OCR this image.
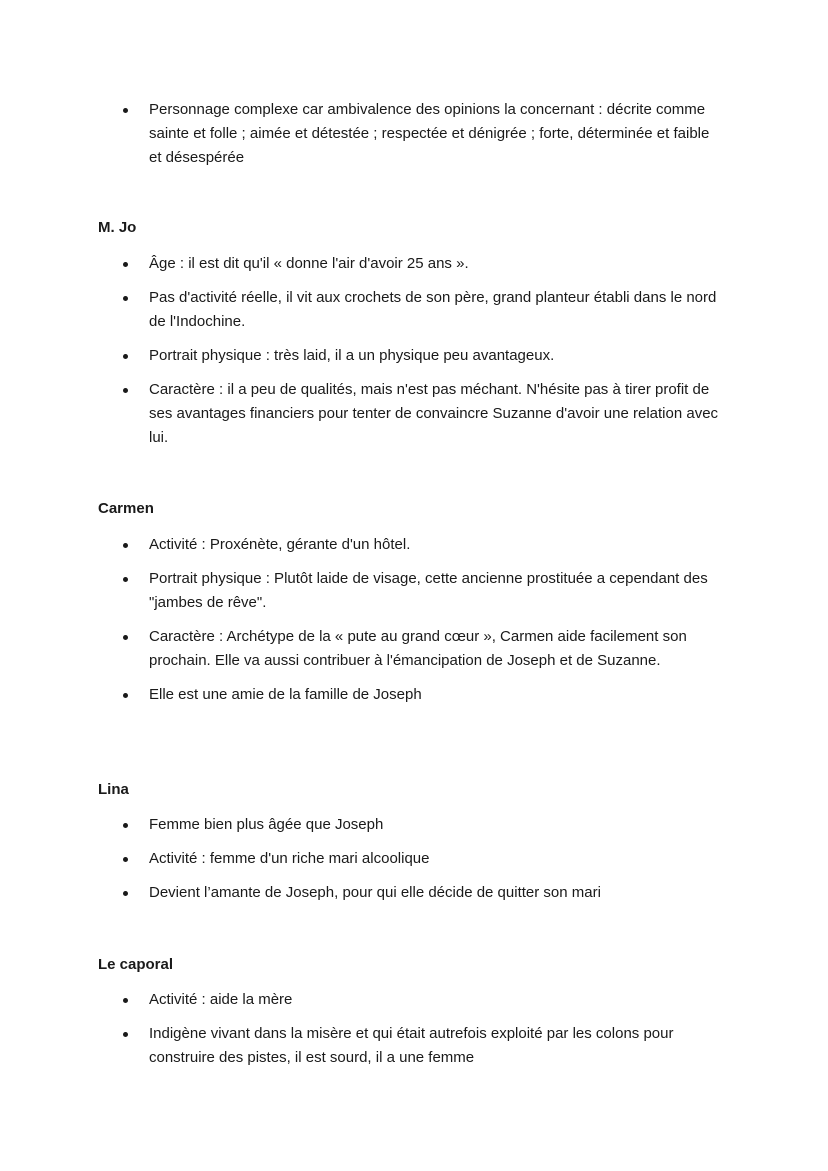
Personnage complexe car ambivalence des opinions la concernant : décrite comme sainte et folle ; aimée et détestée ; respectée et dénigrée ; forte, déterminée et faible et désespérée
M. Jo
Âge : il est dit qu'il « donne l'air d'avoir 25 ans ».
Pas d'activité réelle, il vit aux crochets de son père, grand planteur établi dans le nord de l'Indochine.
Portrait physique : très laid, il a un physique peu avantageux.
Caractère : il a peu de qualités, mais n'est pas méchant. N'hésite pas à tirer profit de ses avantages financiers pour tenter de convaincre Suzanne d'avoir une relation avec lui.
Carmen
Activité : Proxénète, gérante d'un hôtel.
Portrait physique : Plutôt laide de visage, cette ancienne prostituée a cependant des "jambes de rêve".
Caractère : Archétype de la « pute au grand cœur », Carmen aide facilement son prochain. Elle va aussi contribuer à l'émancipation de Joseph et de Suzanne.
Elle est une amie de la famille de Joseph
Lina
Femme bien plus âgée que Joseph
Activité : femme d'un riche mari alcoolique
Devient l’amante de Joseph, pour qui elle décide de quitter son mari
Le caporal
Activité : aide la mère
Indigène vivant dans la misère et qui était autrefois exploité par les colons pour construire des pistes, il est sourd, il a une femme
